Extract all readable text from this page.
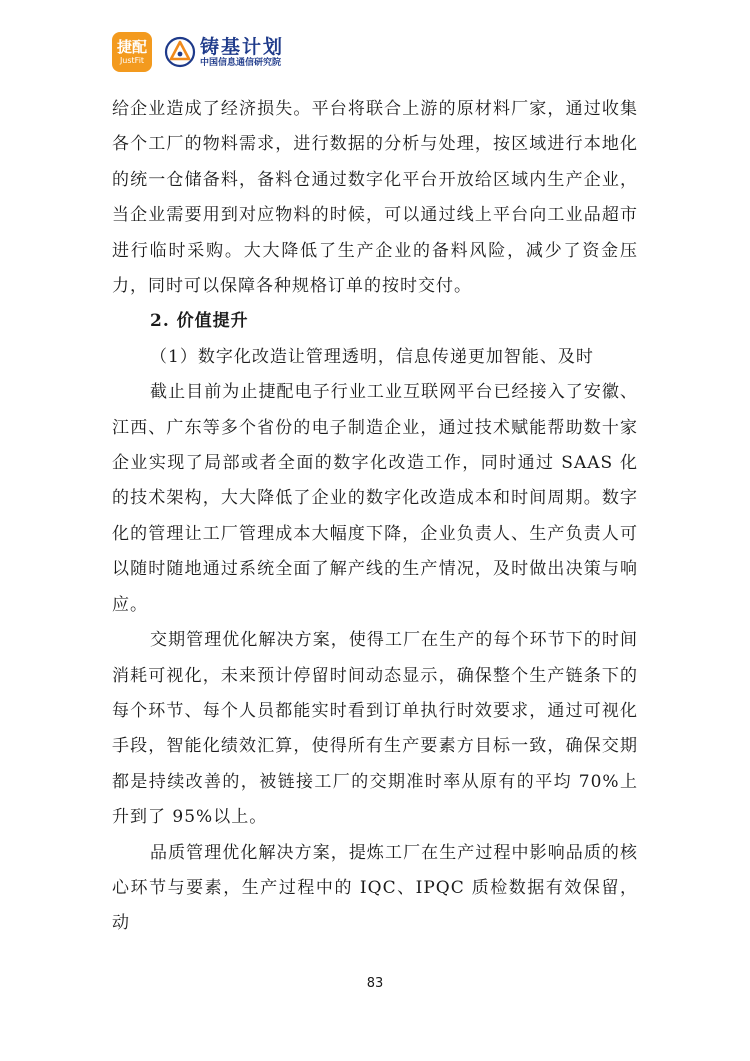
捷配
JustFit
铸基计划
中国信息通信研究院

给企业造成了经济损失。平台将联合上游的原材料厂家，通过收集各个工厂的物料需求，进行数据的分析与处理，按区域进行本地化的统一仓储备料，备料仓通过数字化平台开放给区域内生产企业，当企业需要用到对应物料的时候，可以通过线上平台向工业品超市进行临时采购。大大降低了生产企业的备料风险，减少了资金压力，同时可以保障各种规格订单的按时交付。

2. 价值提升

（1）数字化改造让管理透明，信息传递更加智能、及时

截止目前为止捷配电子行业工业互联网平台已经接入了安徽、江西、广东等多个省份的电子制造企业，通过技术赋能帮助数十家企业实现了局部或者全面的数字化改造工作，同时通过 SAAS 化的技术架构，大大降低了企业的数字化改造成本和时间周期。数字化的管理让工厂管理成本大幅度下降，企业负责人、生产负责人可以随时随地通过系统全面了解产线的生产情况，及时做出决策与响应。

交期管理优化解决方案，使得工厂在生产的每个环节下的时间消耗可视化，未来预计停留时间动态显示，确保整个生产链条下的每个环节、每个人员都能实时看到订单执行时效要求，通过可视化手段，智能化绩效汇算，使得所有生产要素方目标一致，确保交期都是持续改善的，被链接工厂的交期准时率从原有的平均 70%上升到了 95%以上。

品质管理优化解决方案，提炼工厂在生产过程中影响品质的核心环节与要素，生产过程中的 IQC、IPQC 质检数据有效保留，动

83
